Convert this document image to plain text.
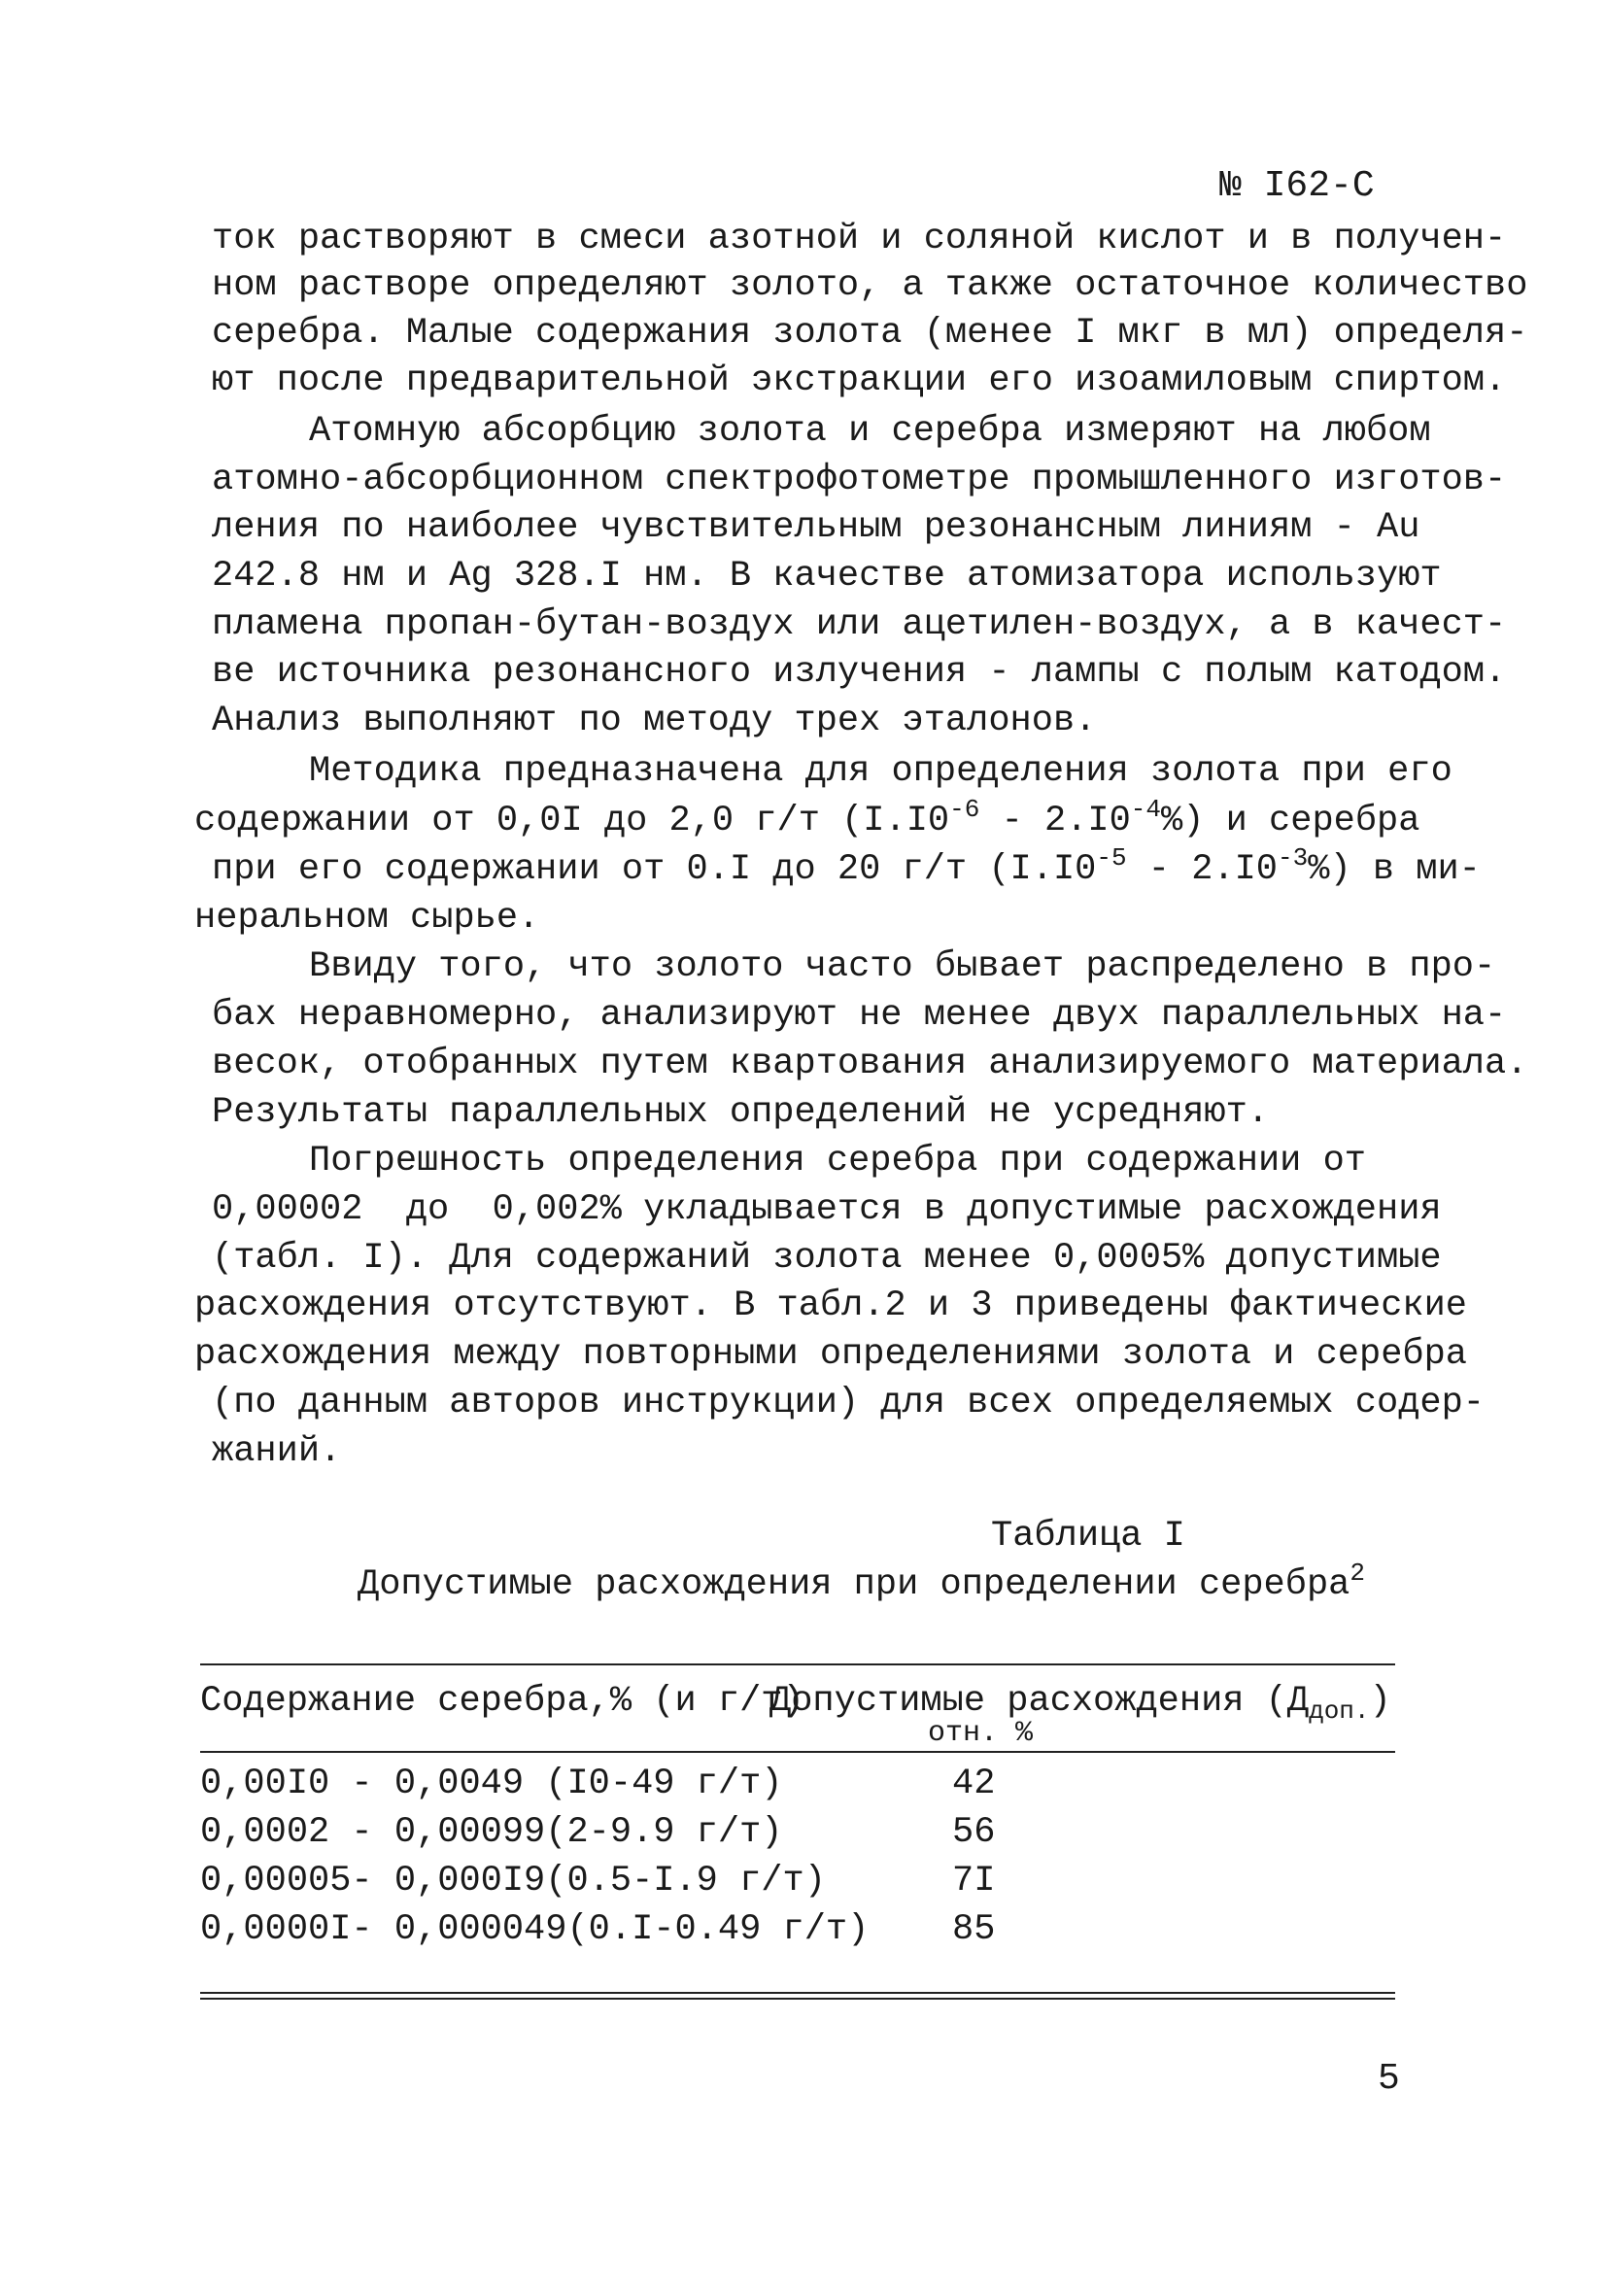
№ I62-С
ток растворяют в смеси азотной и соляной кислот и в получен-
ном растворе определяют золото, а также остаточное количество
серебра. Малые содержания золота (менее I мкг в мл) определя-
ют после предварительной экстракции его изоамиловым спиртом.
Атомную абсорбцию золота и серебра измеряют на любом
атомно-абсорбционном спектрофотометре промышленного изготов-
ления по наиболее чувствительным резонансным линиям - Au
242.8 нм и Ag 328.I нм. В качестве атомизатора используют
пламена пропан-бутан-воздух или ацетилен-воздух, а в качест-
ве источника резонансного излучения - лампы с полым катодом.
Анализ выполняют по методу трех эталонов.
Методика предназначена для определения золота при его
содержании от 0,0I до 2,0 г/т $(I.I0^{-6} - 2.I0^{-4}\%)$ и серебра
при его содержании от 0.I до 20 г/т $(I.I0^{-5} - 2.I0^{-3}\%)$ в ми-
неральном сырье.
Ввиду того, что золото часто бывает распределено в про-
бах неравномерно, анализируют не менее двух параллельных на-
весок, отобранных путем квартования анализируемого материала.
Результаты параллельных определений не усредняют.
Погрешность определения серебра при содержании от
0,00002  до  0,002% укладывается в допустимые расхождения
(табл. I). Для содержаний золота менее 0,0005% допустимые
расхождения отсутствуют. В табл.2 и 3 приведены фактические
расхождения между повторными определениями золота и серебра
(по данным авторов инструкции) для всех определяемых содер-
жаний.
Таблица I
Допустимые расхождения при определении серебра$^2$
Содержание серебра,% (и г/т)
Допустимые расхождения $(Д_{доп.})$
отн. %
0,00I0 - 0,0049 (I0-49 г/т)	42
0,0002 - 0,00099(2-9.9 г/т)	56
0,00005- 0,000I9(0.5-I.9 г/т)	7I
0,0000I- 0,000049(0.I-0.49 г/т) 85
5
